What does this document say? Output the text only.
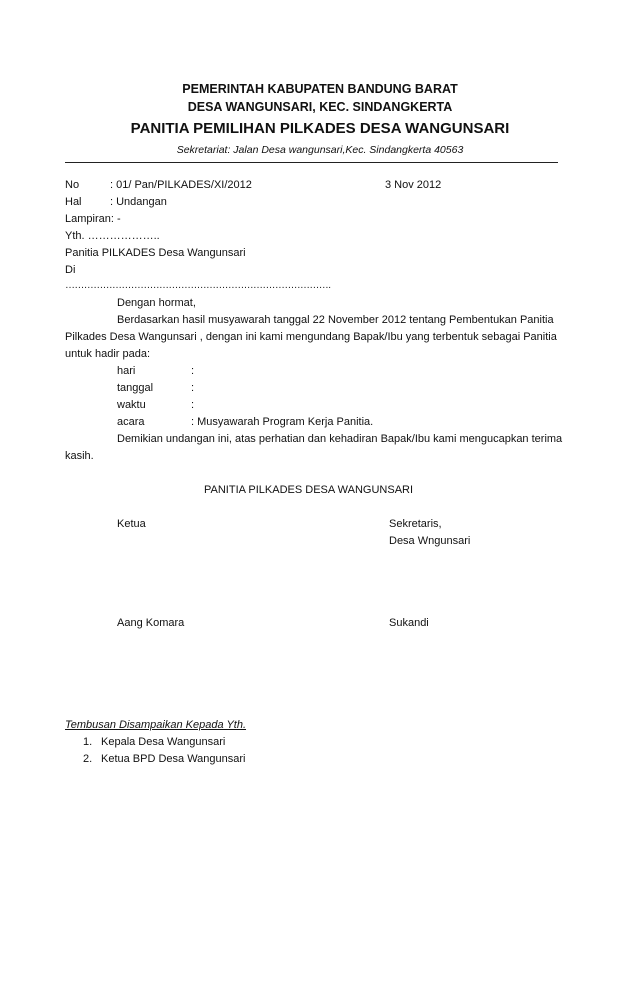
PEMERINTAH KABUPATEN BANDUNG BARAT
DESA WANGUNSARI, KEC. SINDANGKERTA
PANITIA PEMILIHAN PILKADES DESA WANGUNSARI
Sekretariat: Jalan Desa wangunsari,Kec. Sindangkerta 40563
No	: 01/ Pan/PILKADES/XI/2012	3 Nov 2012
Hal	: Undangan
Lampiran: -
Yth. ………………..
Panitia PILKADES Desa Wangunsari
Di
………………………………………………………………………….
Dengan hormat,
Berdasarkan hasil musyawarah tanggal 22 November 2012 tentang Pembentukan Panitia
Pilkades Desa Wangunsari , dengan ini kami mengundang Bapak/Ibu yang terbentuk sebagai Panitia
untuk hadir pada:
hari	:
tanggal	:
waktu	:
acara	: Musyawarah Program Kerja Panitia.
Demikian undangan ini, atas perhatian dan kehadiran Bapak/Ibu kami mengucapkan terima
kasih.
PANITIA PILKADES DESA WANGUNSARI
Ketua	Sekretaris,
Desa Wngunsari
Aang Komara	Sukandi
Tembusan Disampaikan Kepada Yth.
1. Kepala Desa Wangunsari
2. Ketua BPD Desa Wangunsari
